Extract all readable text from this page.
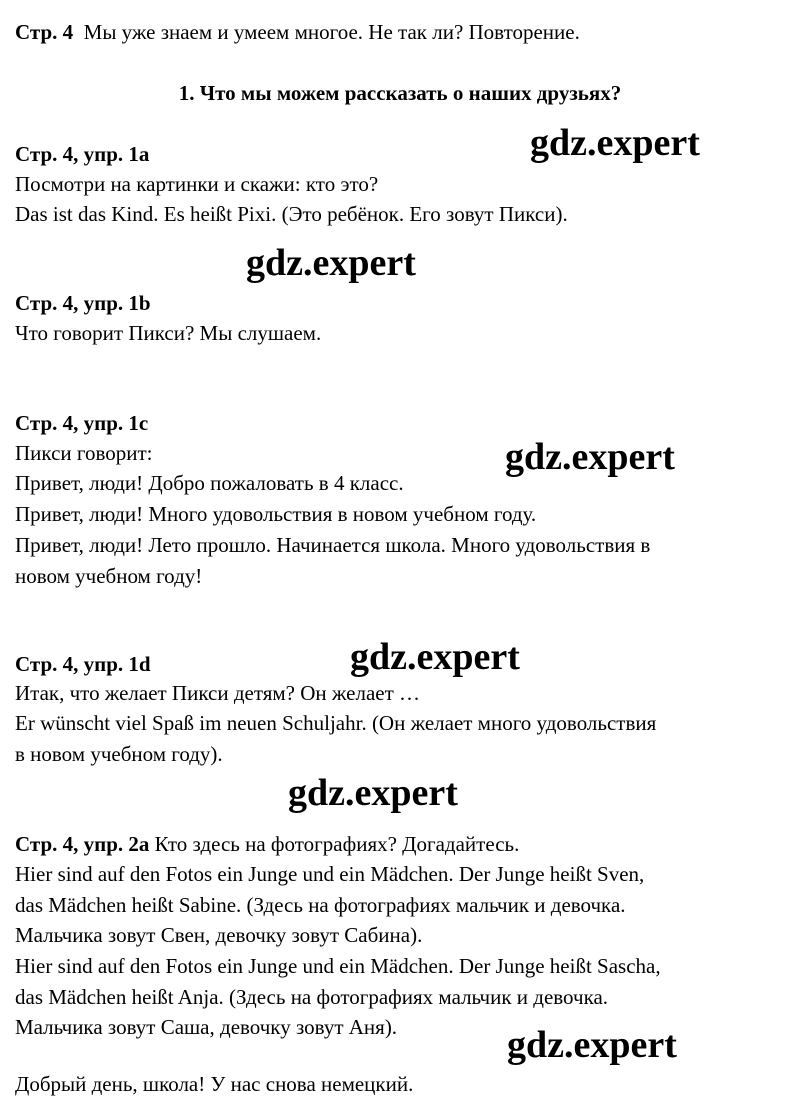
Стр. 4 Мы уже знаем и умеем многое. Не так ли? Повторение.
1. Что мы можем рассказать о наших друзьях?
Стр. 4, упр. 1a
Посмотри на картинки и скажи: кто это?
Das ist das Kind. Es heißt Pixi. (Это ребёнок. Его зовут Пикси).
Стр. 4, упр. 1b
Что говорит Пикси? Мы слушаем.
Стр. 4, упр. 1c
Пикси говорит:
Привет, люди! Добро пожаловать в 4 класс.
Привет, люди! Много удовольствия в новом учебном году.
Привет, люди! Лето прошло. Начинается школа. Много удовольствия в
новом учебном году!
Стр. 4, упр. 1d
Итак, что желает Пикси детям? Он желает …
Er wünscht viel Spaß im neuen Schuljahr. (Он желает много удовольствия
в новом учебном году).
Стр. 4, упр. 2a Кто здесь на фотографиях? Догадайтесь.
Hier sind auf den Fotos ein Junge und ein Mädchen. Der Junge heißt Sven,
das Mädchen heißt Sabine. (Здесь на фотографиях мальчик и девочка.
Мальчика зовут Свен, девочку зовут Сабина).
Hier sind auf den Fotos ein Junge und ein Mädchen. Der Junge heißt Sascha,
das Mädchen heißt Anja. (Здесь на фотографиях мальчик и девочка.
Мальчика зовут Саша, девочку зовут Аня).
Добрый день, школа! У нас снова немецкий.
gdz.expert
gdz.expert
gdz.expert
gdz.expert
gdz.expert
gdz.expert
